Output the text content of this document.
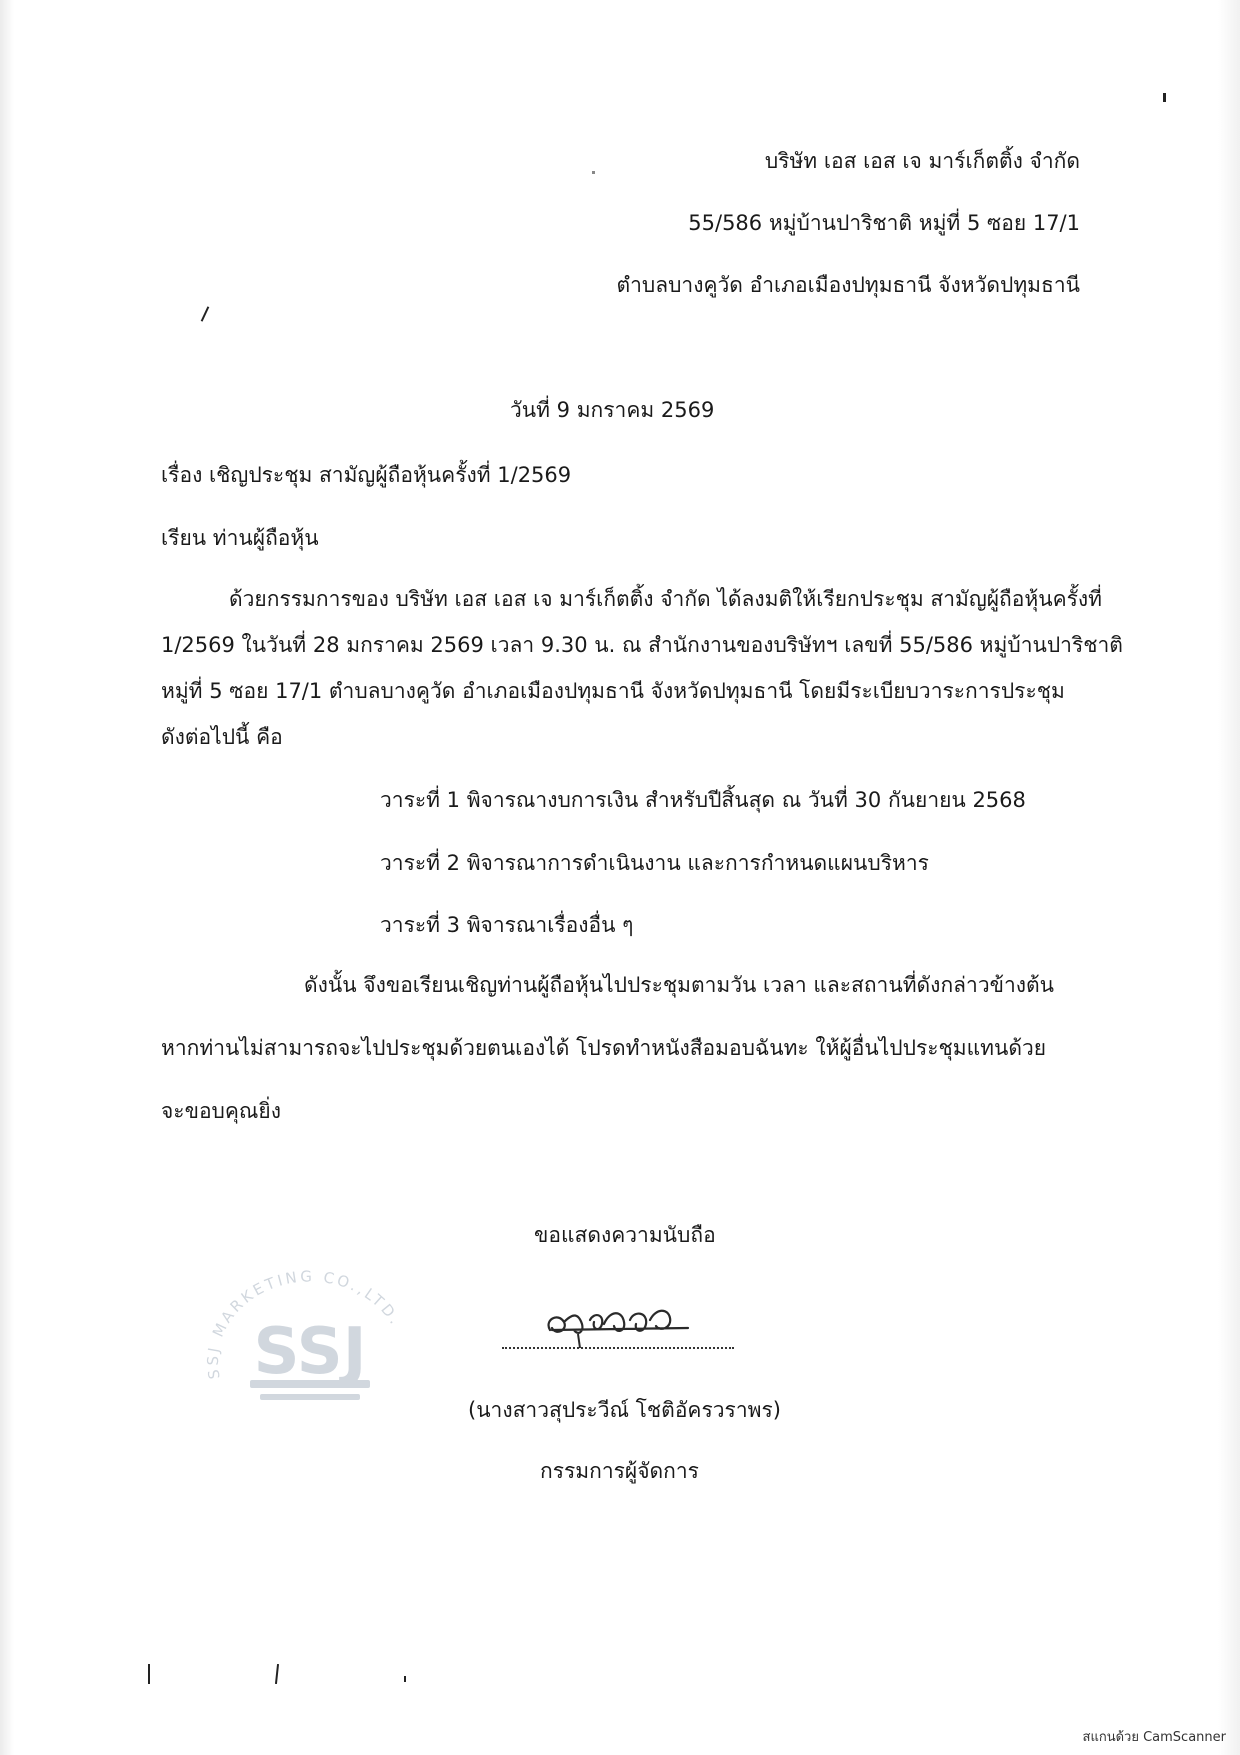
บริษัท เอส เอส เจ มาร์เก็ตติ้ง จำกัด
55/586 หมู่บ้านปาริชาติ หมู่ที่ 5 ซอย 17/1
ตำบลบางคูวัด อำเภอเมืองปทุมธานี จังหวัดปทุมธานี
วันที่ 9 มกราคม 2569
เรื่อง เชิญประชุม สามัญผู้ถือหุ้นครั้งที่ 1/2569
เรียน ท่านผู้ถือหุ้น
ด้วยกรรมการของ บริษัท เอส เอส เจ มาร์เก็ตติ้ง จำกัด ได้ลงมติให้เรียกประชุม สามัญผู้ถือหุ้นครั้งที่
1/2569 ในวันที่ 28 มกราคม 2569 เวลา 9.30 น. ณ สำนักงานของบริษัทฯ เลขที่ 55/586 หมู่บ้านปาริชาติ
หมู่ที่ 5 ซอย 17/1 ตำบลบางคูวัด อำเภอเมืองปทุมธานี จังหวัดปทุมธานี โดยมีระเบียบวาระการประชุม
ดังต่อไปนี้ คือ
วาระที่ 1 พิจารณางบการเงิน สำหรับปีสิ้นสุด ณ วันที่ 30 กันยายน 2568
วาระที่ 2 พิจารณาการดำเนินงาน และการกำหนดแผนบริหาร
วาระที่ 3 พิจารณาเรื่องอื่น ๆ
ดังนั้น จึงขอเรียนเชิญท่านผู้ถือหุ้นไปประชุมตามวัน เวลา และสถานที่ดังกล่าวข้างต้น
หากท่านไม่สามารถจะไปประชุมด้วยตนเองได้ โปรดทำหนังสือมอบฉันทะ ให้ผู้อื่นไปประชุมแทนด้วย
จะขอบคุณยิ่ง
ขอแสดงความนับถือ
SSJ
SSJ MARKETING CO.,LTD.
(นางสาวสุประวีณ์ โชติอัครวราพร)
กรรมการผู้จัดการ
สแกนด้วย CamScanner
